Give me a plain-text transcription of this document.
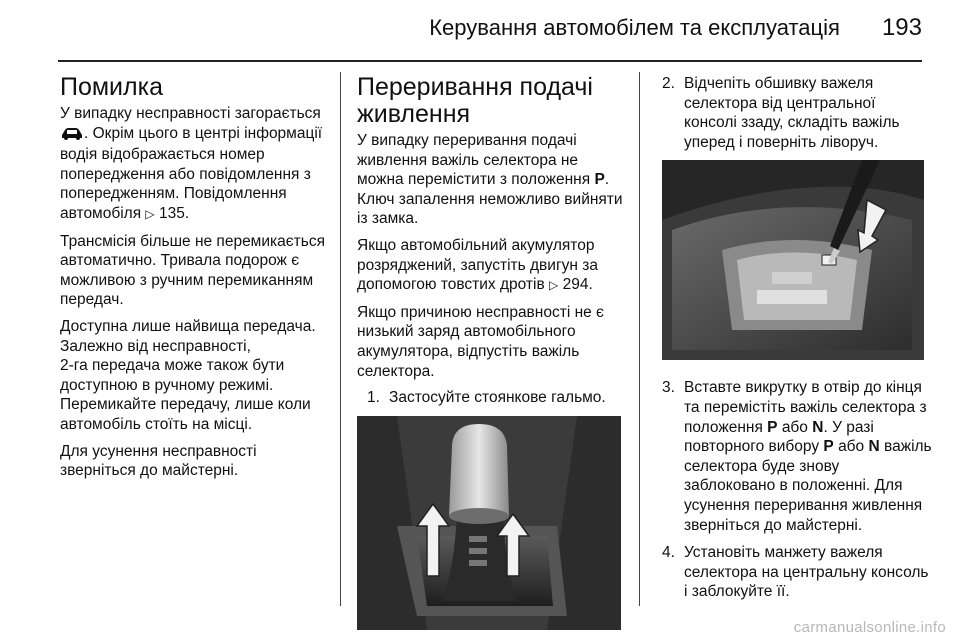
Керування автомобілем та експлуатація 193
Помилка

У випадку несправності загорається . Окрім цього в центрі інформації водія відображається номер попередження або повідомлення з попередженням. Повідомлення автомобіля ▷ 135.

Трансмісія більше не перемикається автоматично. Тривала подорож є можливою з ручним перемиканням передач.

Доступна лише найвища передача. Залежно від несправності,
2-га передача може також бути доступною в ручному режимі. Перемикайте передачу, лише коли автомобіль стоїть на місці.

Для усунення несправності зверніться до майстерні.

Переривання подачі живлення

У випадку переривання подачі живлення важіль селектора не можна перемістити з положення P. Ключ запалення неможливо вийняти із замка.

Якщо автомобільний акумулятор розряджений, запустіть двигун за допомогою товстих дротів ▷ 294.

Якщо причиною несправності не є низький заряд автомобільного акумулятора, відпустіть важіль селектора.

1. Застосуйте стоянкове гальмо.
2. Відчепіть обшивку важеля селектора від центральної консолі ззаду, складіть важіль уперед і поверніть ліворуч.
3. Вставте викрутку в отвір до кінця та перемістіть важіль селектора з положення P або N. У разі повторного вибору P або N важіль селектора буде знову заблоковано в положенні. Для усунення переривання живлення зверніться до майстерні.
4. Установіть манжету важеля селектора на центральну консоль і заблокуйте її.
carmanualsonline.info
